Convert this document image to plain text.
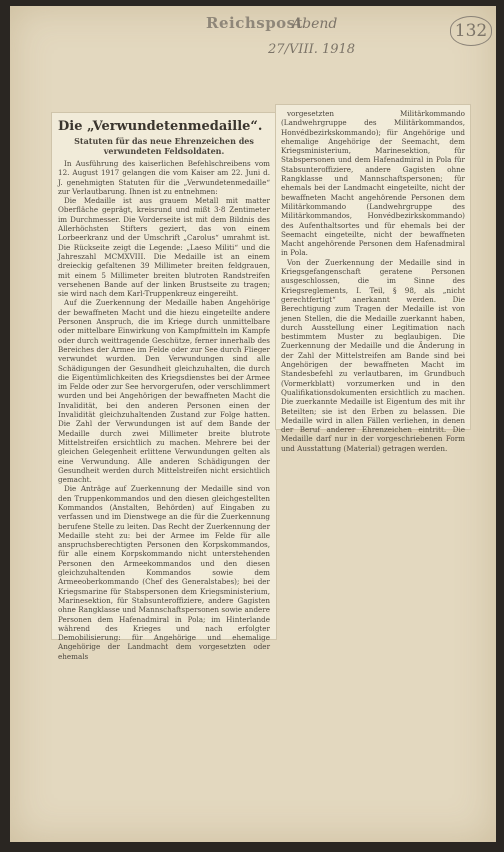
Reichspost
Abend
27/VIII. 1918
132
Die „Verwundetenmedaille“.
Statuten für das neue Ehrenzeichen des verwundeten Feldsoldaten.

In Ausführung des kaiserlichen Befehlschreibens vom 12. August 1917 gelangen die vom Kaiser am 22. Juni d. J. genehmigten Statuten für die „Verwundetenmedaille“ zur Verlautbarung. Ihnen ist zu entnehmen:

Die Medaille ist aus grauem Metall mit matter Oberfläche geprägt, kreisrund und mißt 3·8 Zentimeter im Durchmesser. Die Vorderseite ist mit dem Bildnis des Allerhöchsten Stifters geziert, das von einem Lorbeerkranz und der Umschrift „Carolus“ umrahmt ist. Die Rückseite zeigt die Legende: „Laeso Militi“ und die Jahreszahl MCMXVIII. Die Medaille ist an einem dreieckig gefaltenen 39 Millimeter breiten feldgrauen, mit einem 5 Millimeter breiten blutroten Randstreifen versehenen Bande auf der linken Brustseite zu tragen; sie wird nach dem Karl-Truppenkreuz eingereiht.

Auf die Zuerkennung der Medaille haben Angehörige der bewaffneten Macht und die hiezu eingeteilte andere Personen Anspruch, die im Kriege durch unmittelbare oder mittelbare Einwirkung von Kampfmitteln im Kampfe oder durch weittragende Geschütze, ferner innerhalb des Bereiches der Armee im Felde oder zur See durch Flieger verwundet wurden. Den Verwundungen sind alle Schädigungen der Gesundheit gleichzuhalten, die durch die Eigentümlichkeiten des Kriegsdienstes bei der Armee im Felde oder zur See hervorgerufen, oder verschlimmert wurden und bei Angehörigen der bewaffneten Macht die Invalidität, bei den anderen Personen einen der Invalidität gleichzuhaltenden Zustand zur Folge hatten. Die Zahl der Verwundungen ist auf dem Bande der Medaille durch zwei Millimeter breite blutrote Mittelstreifen ersichtlich zu machen. Mehrere bei der gleichen Gelegenheit erlittene Verwundungen gelten als eine Verwundung. Alle anderen Schädigungen der Gesundheit werden durch Mittelstreifen nicht ersichtlich gemacht.

Die Anträge auf Zuerkennung der Medaille sind von den Truppenkommandos und den diesen gleichgestellten Kommandos (Anstalten, Behörden) auf Eingaben zu verfassen und im Dienstwege an die für die Zuerkennung berufene Stelle zu leiten. Das Recht der Zuerkennung der Medaille steht zu: bei der Armee im Felde für alle anspruchsberechtigten Personen den Korpskommandos, für alle einem Korpskommando nicht unterstehenden Personen den Armeekommandos und den diesen gleichzuhaltenden Kommandos sowie dem Armeeoberkommando (Chef des Generalstabes); bei der Kriegsmarine für Stabspersonen dem Kriegsministerium, Marinesektion, für Stabsunteroffiziere, andere Gagisten ohne Rangklasse und Mannschaftspersonen sowie andere Personen dem Hafenadmiral in Pola; im Hinterlande während des Krieges und nach erfolgter Demobilisierung: für Angehörige und ehemalige Angehörige der Landmacht dem vorgesetzten oder ehemals

vorgesetzten Militärkommando (Landwehrgruppe des Militärkommandos, Honvédbezirkskommando); für Angehörige und ehemalige Angehörige der Seemacht, dem Kriegsministerium, Marinesektion, für Stabspersonen und dem Hafenadmiral in Pola für Stabsunteroffiziere, andere Gagisten ohne Rangklasse und Mannschaftspersonen; für ehemals bei der Landmacht eingeteilte, nicht der bewaffneten Macht angehörende Personen dem Militärkommando (Landwehrgruppe des Militärkommandos, Honvédbezirkskommando) des Aufenthaltsortes und für ehemals bei der Seemacht eingeteilte, nicht der bewaffneten Macht angehörende Personen dem Hafenadmiral in Pola.

Von der Zuerkennung der Medaille sind in Kriegsgefangenschaft geratene Personen ausgeschlossen, die im Sinne des Kriegsreglements, I. Teil, § 98, als „nicht gerechtfertigt“ anerkannt werden. Die Berechtigung zum Tragen der Medaille ist von jenen Stellen, die die Medaille zuerkannt haben, durch Ausstellung einer Legitimation nach bestimmtem Muster zu beglaubigen. Die Zuerkennung der Medaille und die Änderung in der Zahl der Mittelstreifen am Bande sind bei Angehörigen der bewaffneten Macht im Standesbefehl zu verlautbaren, im Grundbuch (Vormerkblatt) vorzumerken und in den Qualifikationsdokumenten ersichtlich zu machen. Die zuerkannte Medaille ist Eigentum des mit ihr Beteilten; sie ist den Erben zu belassen. Die Medaille wird in allen Fällen verliehen, in denen der Beruf anderer Ehrenzeichen eintritt. Die Medaille darf nur in der vorgeschriebenen Form und Ausstattung (Material) getragen werden.
